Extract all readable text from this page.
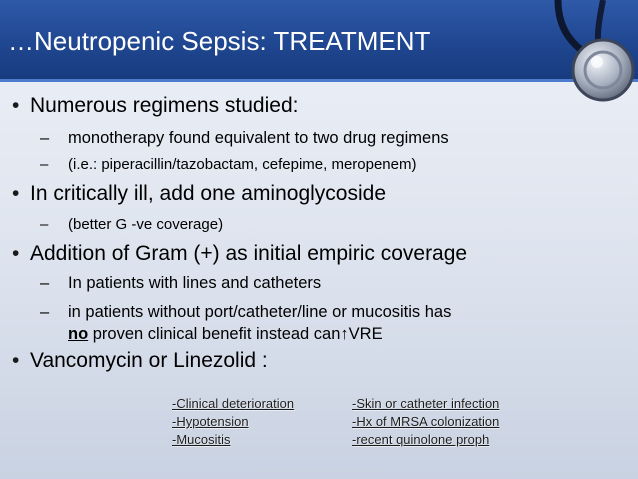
…Neutropenic Sepsis: TREATMENT
• Numerous regimens studied:
– monotherapy found equivalent to two drug regimens
– (i.e.: piperacillin/tazobactam, cefepime, meropenem)
• In critically ill, add one aminoglycoside
– (better G -ve coverage)
• Addition of Gram (+) as initial empiric coverage
– In patients with lines and catheters
– in patients without port/catheter/line or mucositis has
no proven clinical benefit instead can↑VRE
• Vancomycin or Linezolid :
-Clinical deterioration
-Hypotension
-Mucositis
-Skin or catheter infection
-Hx of MRSA colonization
-recent quinolone proph
